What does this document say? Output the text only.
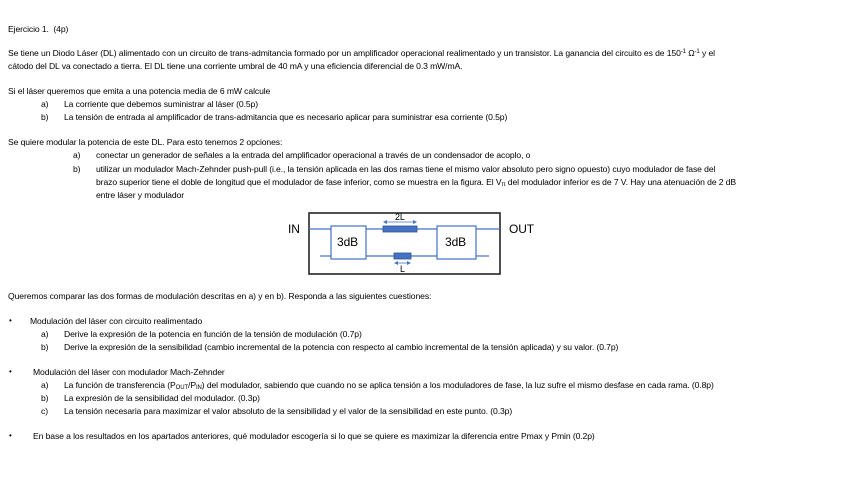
Ejercicio 1. (4p)
Se tiene un Diodo Láser (DL) alimentado con un circuito de trans-admitancia formado por un amplificador operacional realimentado y un transistor. La ganancia del circuito es de $150^{-1}$ $\Omega^{-1}$ y el
cátodo del DL va conectado a tierra. El DL tiene una corriente umbral de 40 mA y una eficiencia diferencial de 0.3 mW/mA.
Si el láser queremos que emita a una potencia media de 6 mW calcule
a) La corriente que debemos suministrar al láser (0.5p)
b) La tensión de entrada al amplificador de trans-admitancia que es necesario aplicar para suministrar esa corriente (0.5p)
Se quiere modular la potencia de este DL. Para esto tenemos 2 opciones:
a) conectar un generador de señales a la entrada del amplificador operacional a través de un condensador de acoplo, o
b) utilizar un modulador Mach-Zehnder push-pull (i.e., la tensión aplicada en las dos ramas tiene el mismo valor absoluto pero signo opuesto) cuyo modulador de fase del
brazo superior tiene el doble de longitud que el modulador de fase inferior, como se muestra en la figura. El $V_\pi$ del modulador inferior es de 7 V. Hay una atenuación de 2 dB
entre láser y modulador
IN	OUT
3dB	3dB
2L
L
Queremos comparar las dos formas de modulación descritas en a) y en b). Responda a las siguientes cuestiones:
• Modulación del láser con circuito realimentado
a) Derive la expresión de la potencia en función de la tensión de modulación (0.7p)
b) Derive la expresión de la sensibilidad (cambio incremental de la potencia con respecto al cambio incremental de la tensión aplicada) y su valor. (0.7p)
• Modulación del láser con modulador Mach-Zehnder
a) La función de transferencia $(P_{OUT}/P_{IN})$ del modulador, sabiendo que cuando no se aplica tensión a los moduladores de fase, la luz sufre el mismo desfase en cada rama. (0.8p)
b) La expresión de la sensibilidad del modulador. (0.3p)
c) La tensión necesaria para maximizar el valor absoluto de la sensibilidad y el valor de la sensibilidad en este punto. (0.3p)
• En base a los resultados en los apartados anteriores, qué modulador escogería si lo que se quiere es maximizar la diferencia entre Pmax y Pmin (0.2p)
